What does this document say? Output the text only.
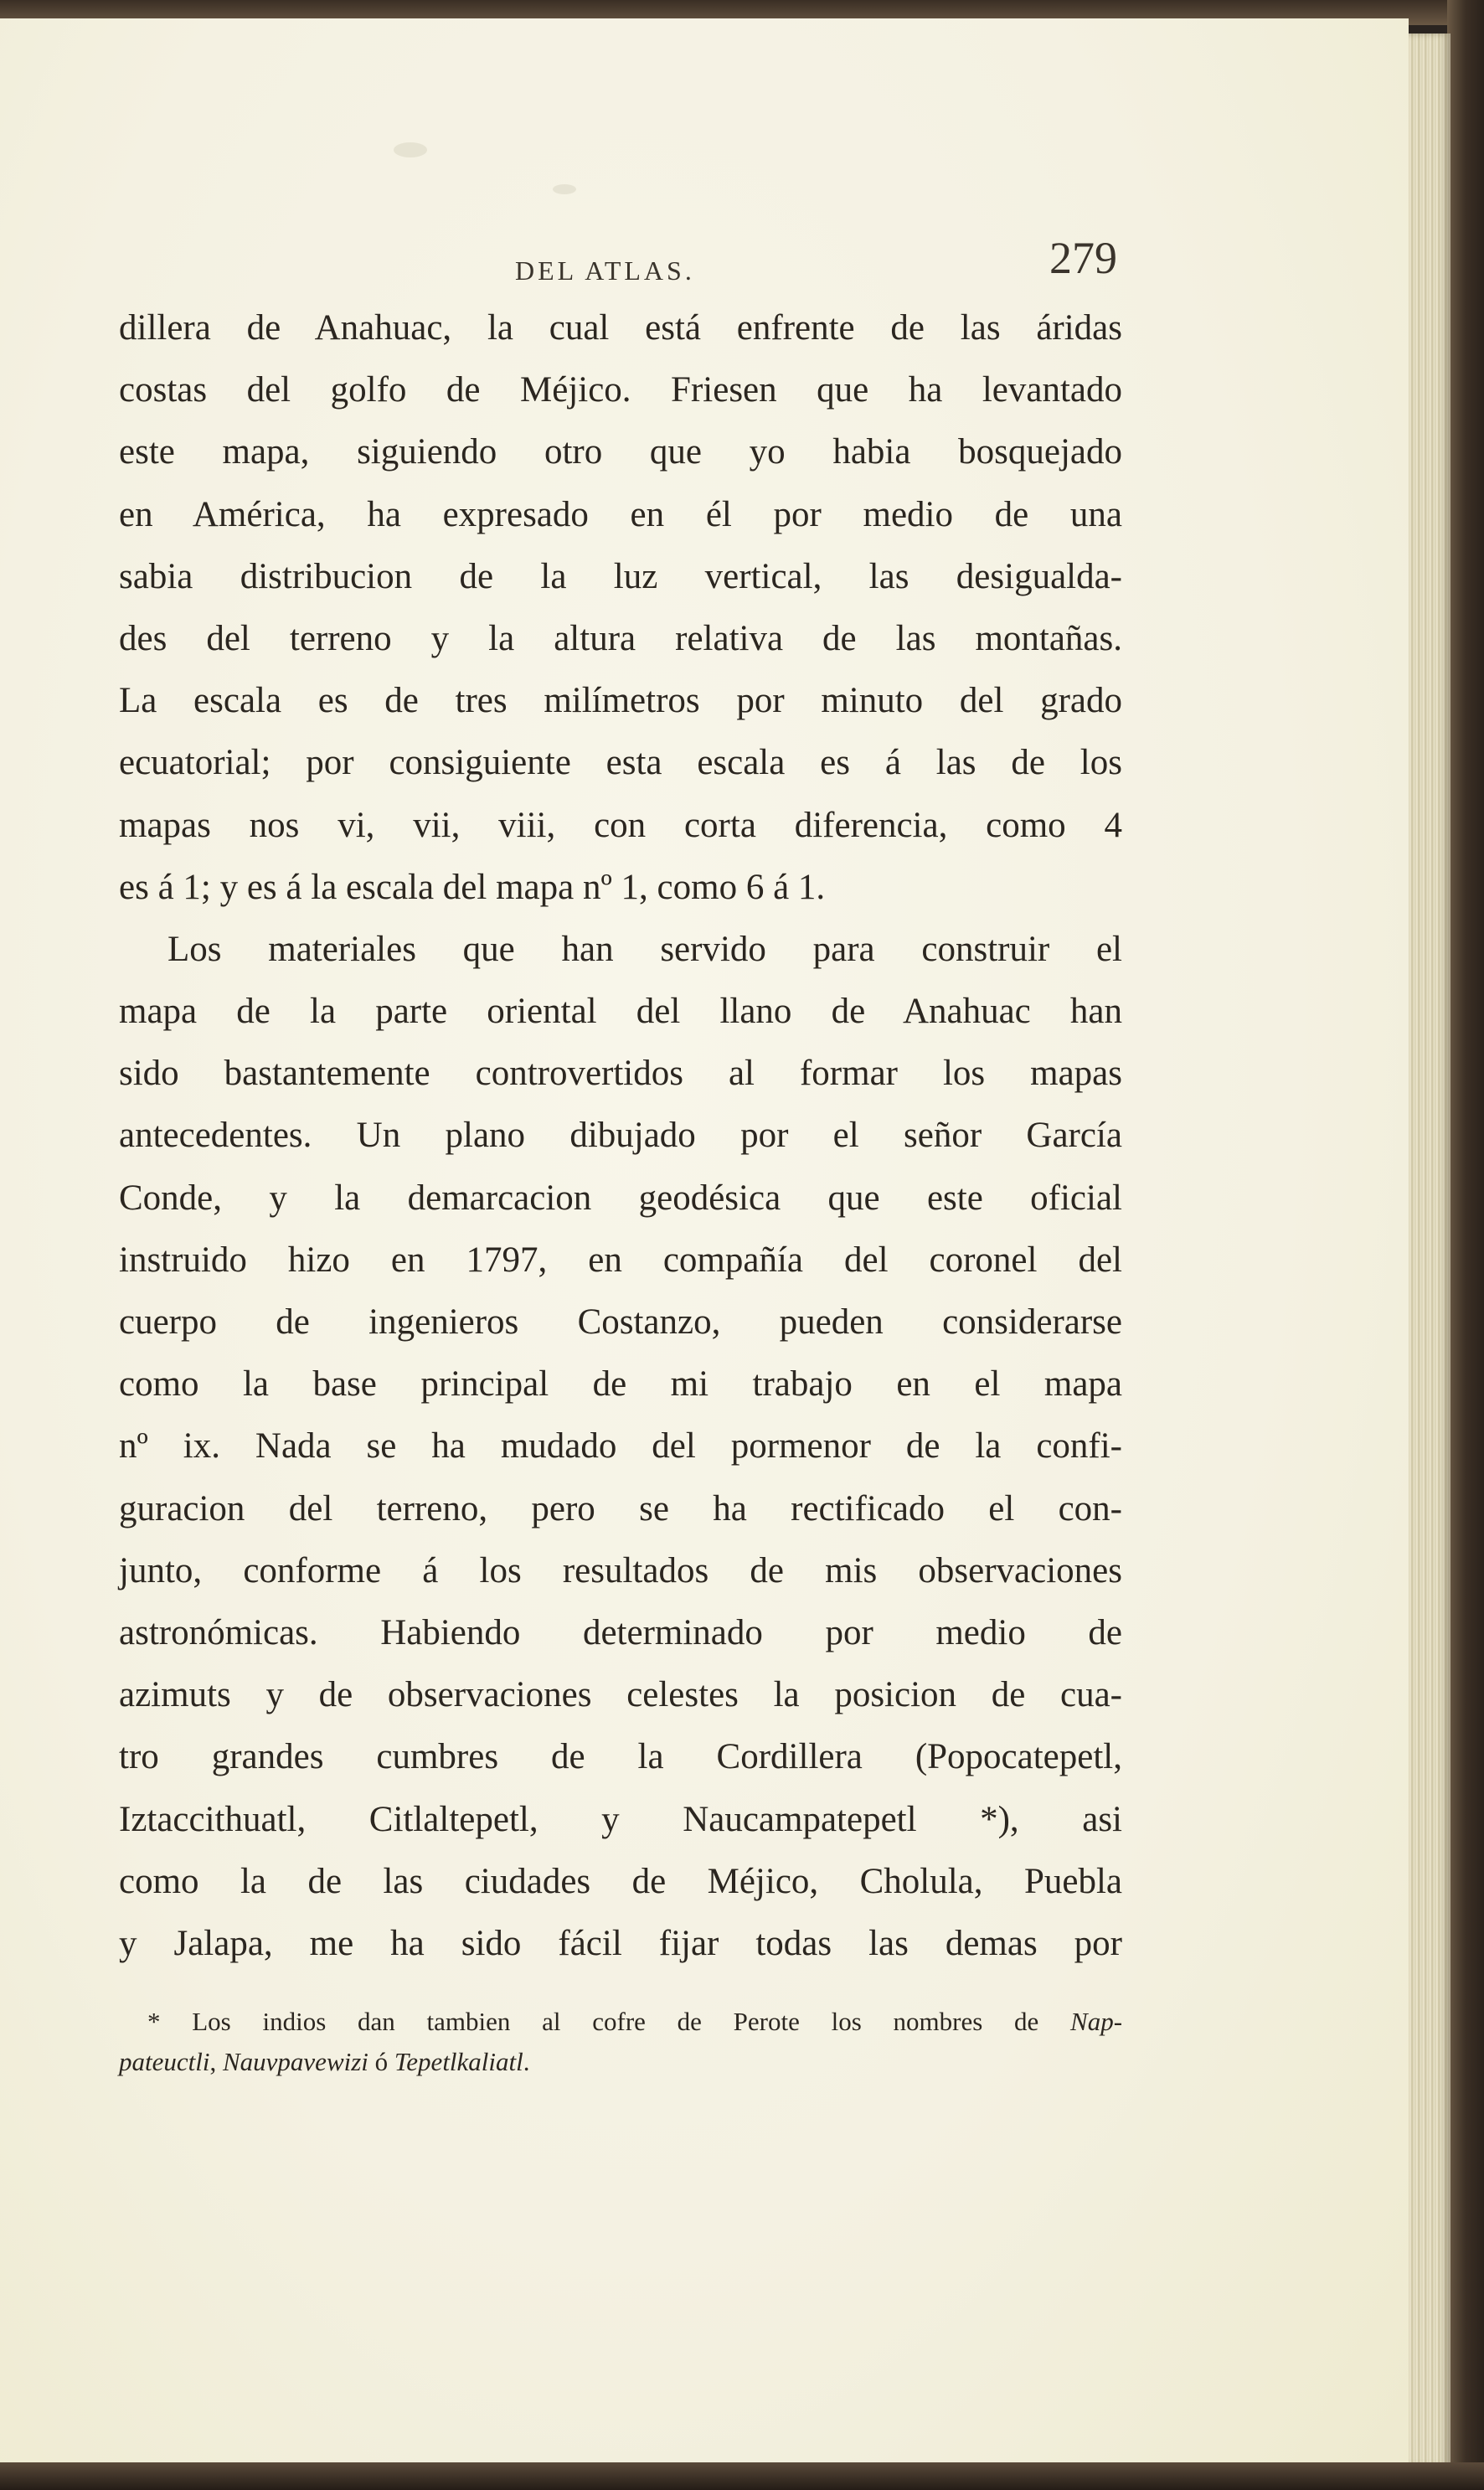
DEL ATLAS.	279
dillera de Anahuac, la cual está enfrente de las áridas
costas del golfo de Méjico. Friesen que ha levantado
este mapa, siguiendo otro que yo habia bosquejado
en América, ha expresado en él por medio de una
sabia distribucion de la luz vertical, las desigualda-
des del terreno y la altura relativa de las montañas.
La escala es de tres milímetros por minuto del grado
ecuatorial; por consiguiente esta escala es á las de los
mapas nos vi, vii, viii, con corta diferencia, como 4
es á 1; y es á la escala del mapa nº 1, como 6 á 1.
Los materiales que han servido para construir el
mapa de la parte oriental del llano de Anahuac han
sido bastantemente controvertidos al formar los mapas
antecedentes. Un plano dibujado por el señor García
Conde, y la demarcacion geodésica que este oficial
instruido hizo en 1797, en compañía del coronel del
cuerpo de ingenieros Costanzo, pueden considerarse
como la base principal de mi trabajo en el mapa
nº ix. Nada se ha mudado del pormenor de la confi-
guracion del terreno, pero se ha rectificado el con-
junto, conforme á los resultados de mis observaciones
astronómicas. Habiendo determinado por medio de
azimuts y de observaciones celestes la posicion de cua-
tro grandes cumbres de la Cordillera (Popocatepetl,
Iztaccithuatl, Citlaltepetl, y Naucampatepetl *), asi
como la de las ciudades de Méjico, Cholula, Puebla
y Jalapa, me ha sido fácil fijar todas las demas por
* Los indios dan tambien al cofre de Perote los nombres de Nap-
pateuctli, Nauvpavewizi ó Tepetlkaliatl.
